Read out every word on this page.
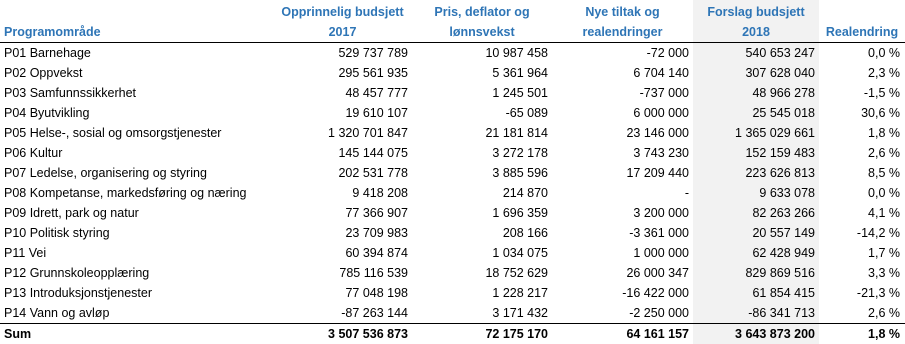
Programområde	Opprinnelig budsjett 2017	Pris, deflator og lønnsvekst	Nye tiltak og realendringer	Forslag budsjett 2018	Realendring
P01 Barnehage	529 737 789	10 987 458	-72 000	540 653 247	0,0 %
P02 Oppvekst	295 561 935	5 361 964	6 704 140	307 628 040	2,3 %
P03 Samfunnssikkerhet	48 457 777	1 245 501	-737 000	48 966 278	-1,5 %
P04 Byutvikling	19 610 107	-65 089	6 000 000	25 545 018	30,6 %
P05 Helse-, sosial og omsorgstjenester	1 320 701 847	21 181 814	23 146 000	1 365 029 661	1,8 %
P06 Kultur	145 144 075	3 272 178	3 743 230	152 159 483	2,6 %
P07 Ledelse, organisering og styring	202 531 778	3 885 596	17 209 440	223 626 813	8,5 %
P08 Kompetanse, markedsføring og næring	9 418 208	214 870	-	9 633 078	0,0 %
P09 Idrett, park og natur	77 366 907	1 696 359	3 200 000	82 263 266	4,1 %
P10 Politisk styring	23 709 983	208 166	-3 361 000	20 557 149	-14,2 %
P11 Vei	60 394 874	1 034 075	1 000 000	62 428 949	1,7 %
P12 Grunnskoleopplæring	785 116 539	18 752 629	26 000 347	829 869 516	3,3 %
P13 Introduksjonstjenester	77 048 198	1 228 217	-16 422 000	61 854 415	-21,3 %
P14 Vann og avløp	-87 263 144	3 171 432	-2 250 000	-86 341 713	2,6 %
Sum	3 507 536 873	72 175 170	64 161 157	3 643 873 200	1,8 %
